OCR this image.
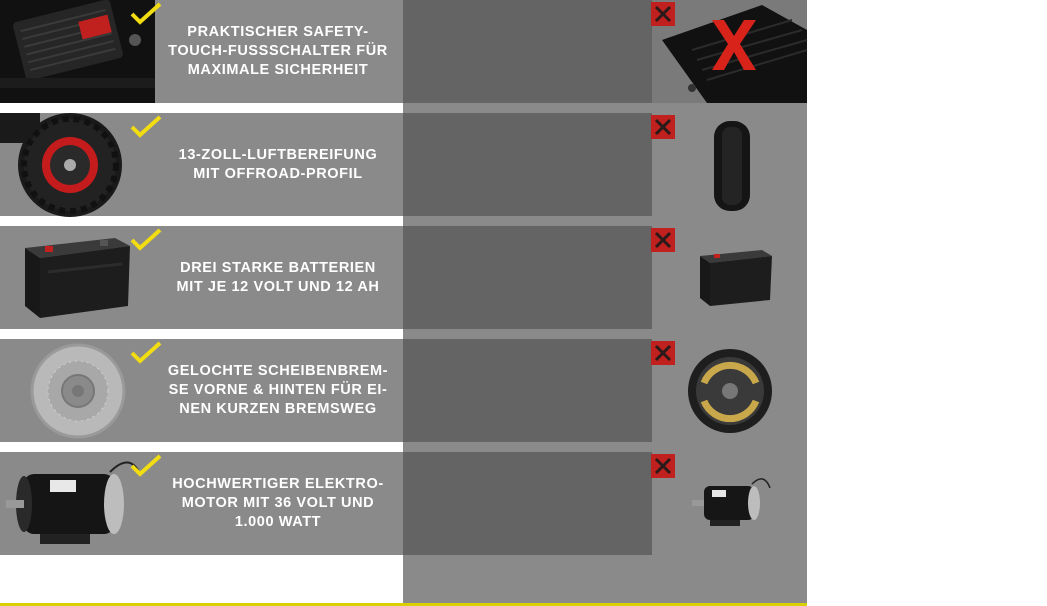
PRAKTISCHER SAFETY-
TOUCH-FUSSSCHALTER FÜR
MAXIMALE SICHERHEIT
KEINE SICHERHEITS-
VORKEHRUNGEN
13-ZOLL-LUFTBEREIFUNG
MIT OFFROAD-PROFIL
MINDERWERTIGE
BEREIFUNG
DREI STARKE BATTERIEN
MIT JE 12 VOLT UND 12 AH
SCHWACHE BATTERIE MIT
WENIG KAPAZITÄT
GELOCHTE SCHEIBENBREM-
SE VORNE & HINTEN FÜR EI-
NEN KURZEN BREMSWEG
MINDERWERTIGE TROMMEL-
BREMSEN MIT LEICHTER
VERZÖGERUNG
HOCHWERTIGER ELEKTRO-
MOTOR MIT 36 VOLT UND
1.000 WATT
SCHWACHE MOTOREN MIT
WENIG LEISTUNG
